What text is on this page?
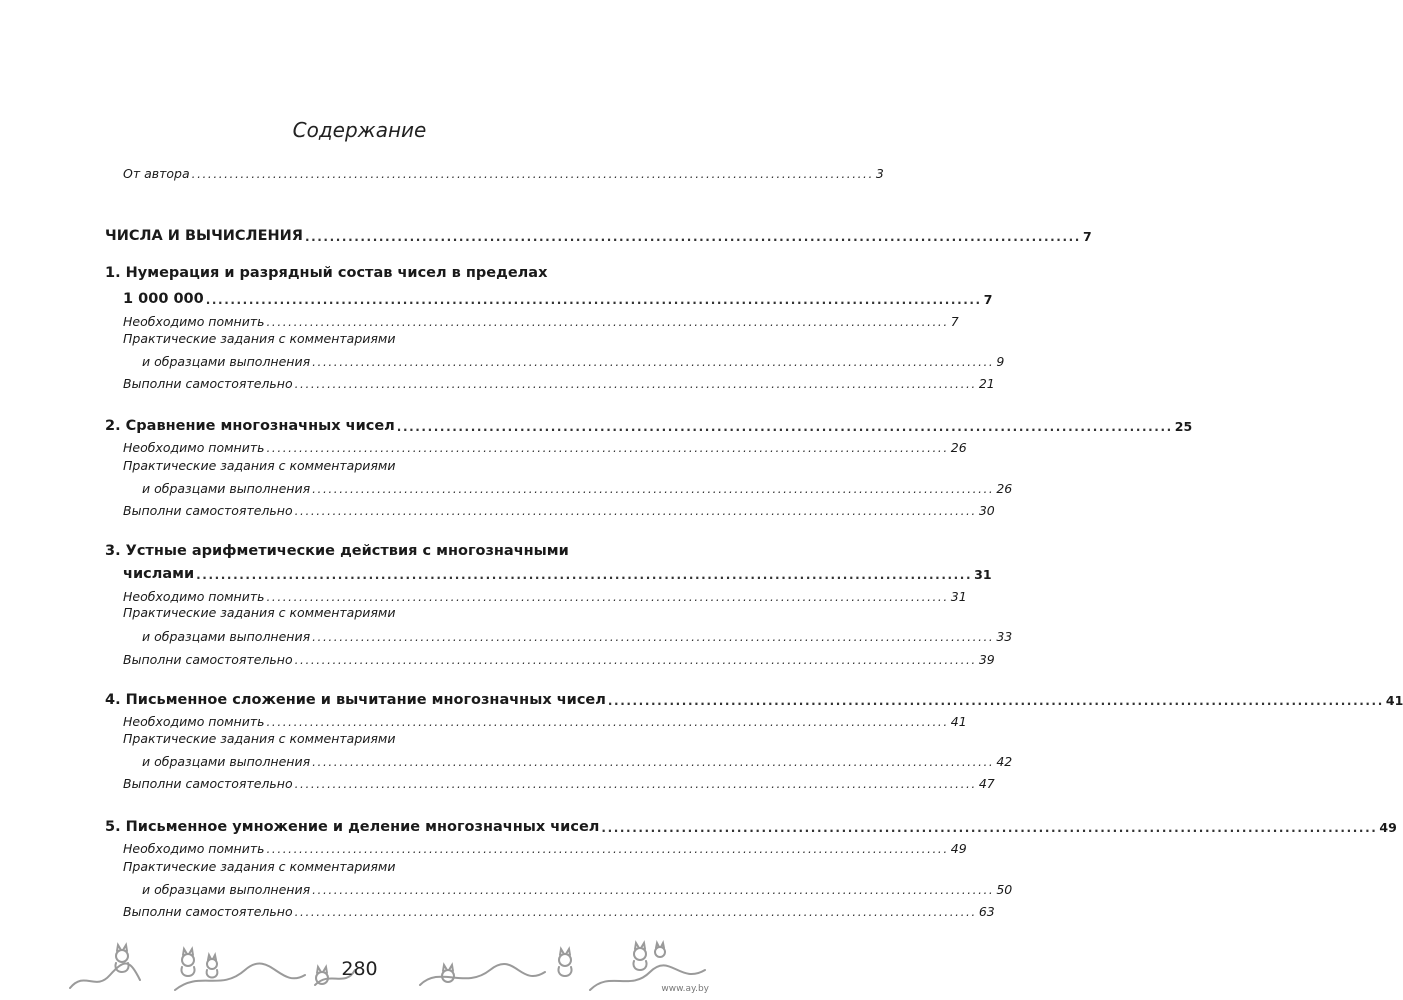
Содержание
От автора .............................................................................................................................. 3
ЧИСЛА И ВЫЧИСЛЕНИЯ .............................................................................................................................. 7
1. Нумерация и разрядный состав чисел в пределах
1 000 000 .............................................................................................................................. 7
Необходимо помнить .............................................................................................................................. 7
Практические задания с комментариями
и образцами выполнения .............................................................................................................................. 9
Выполни самостоятельно .............................................................................................................................. 21
2. Сравнение многозначных чисел .............................................................................................................................. 25
Необходимо помнить .............................................................................................................................. 26
Практические задания с комментариями
и образцами выполнения .............................................................................................................................. 26
Выполни самостоятельно .............................................................................................................................. 30
3. Устные арифметические действия с многозначными
числами .............................................................................................................................. 31
Необходимо помнить .............................................................................................................................. 31
Практические задания с комментариями
и образцами выполнения .............................................................................................................................. 33
Выполни самостоятельно .............................................................................................................................. 39
4. Письменное сложение и вычитание многозначных чисел .............................................................................................................................. 41
Необходимо помнить .............................................................................................................................. 41
Практические задания с комментариями
и образцами выполнения .............................................................................................................................. 42
Выполни самостоятельно .............................................................................................................................. 47
5. Письменное умножение и деление многозначных чисел .............................................................................................................................. 49
Необходимо помнить .............................................................................................................................. 49
Практические задания с комментариями
и образцами выполнения .............................................................................................................................. 50
Выполни самостоятельно .............................................................................................................................. 63
280
www.ay.by
